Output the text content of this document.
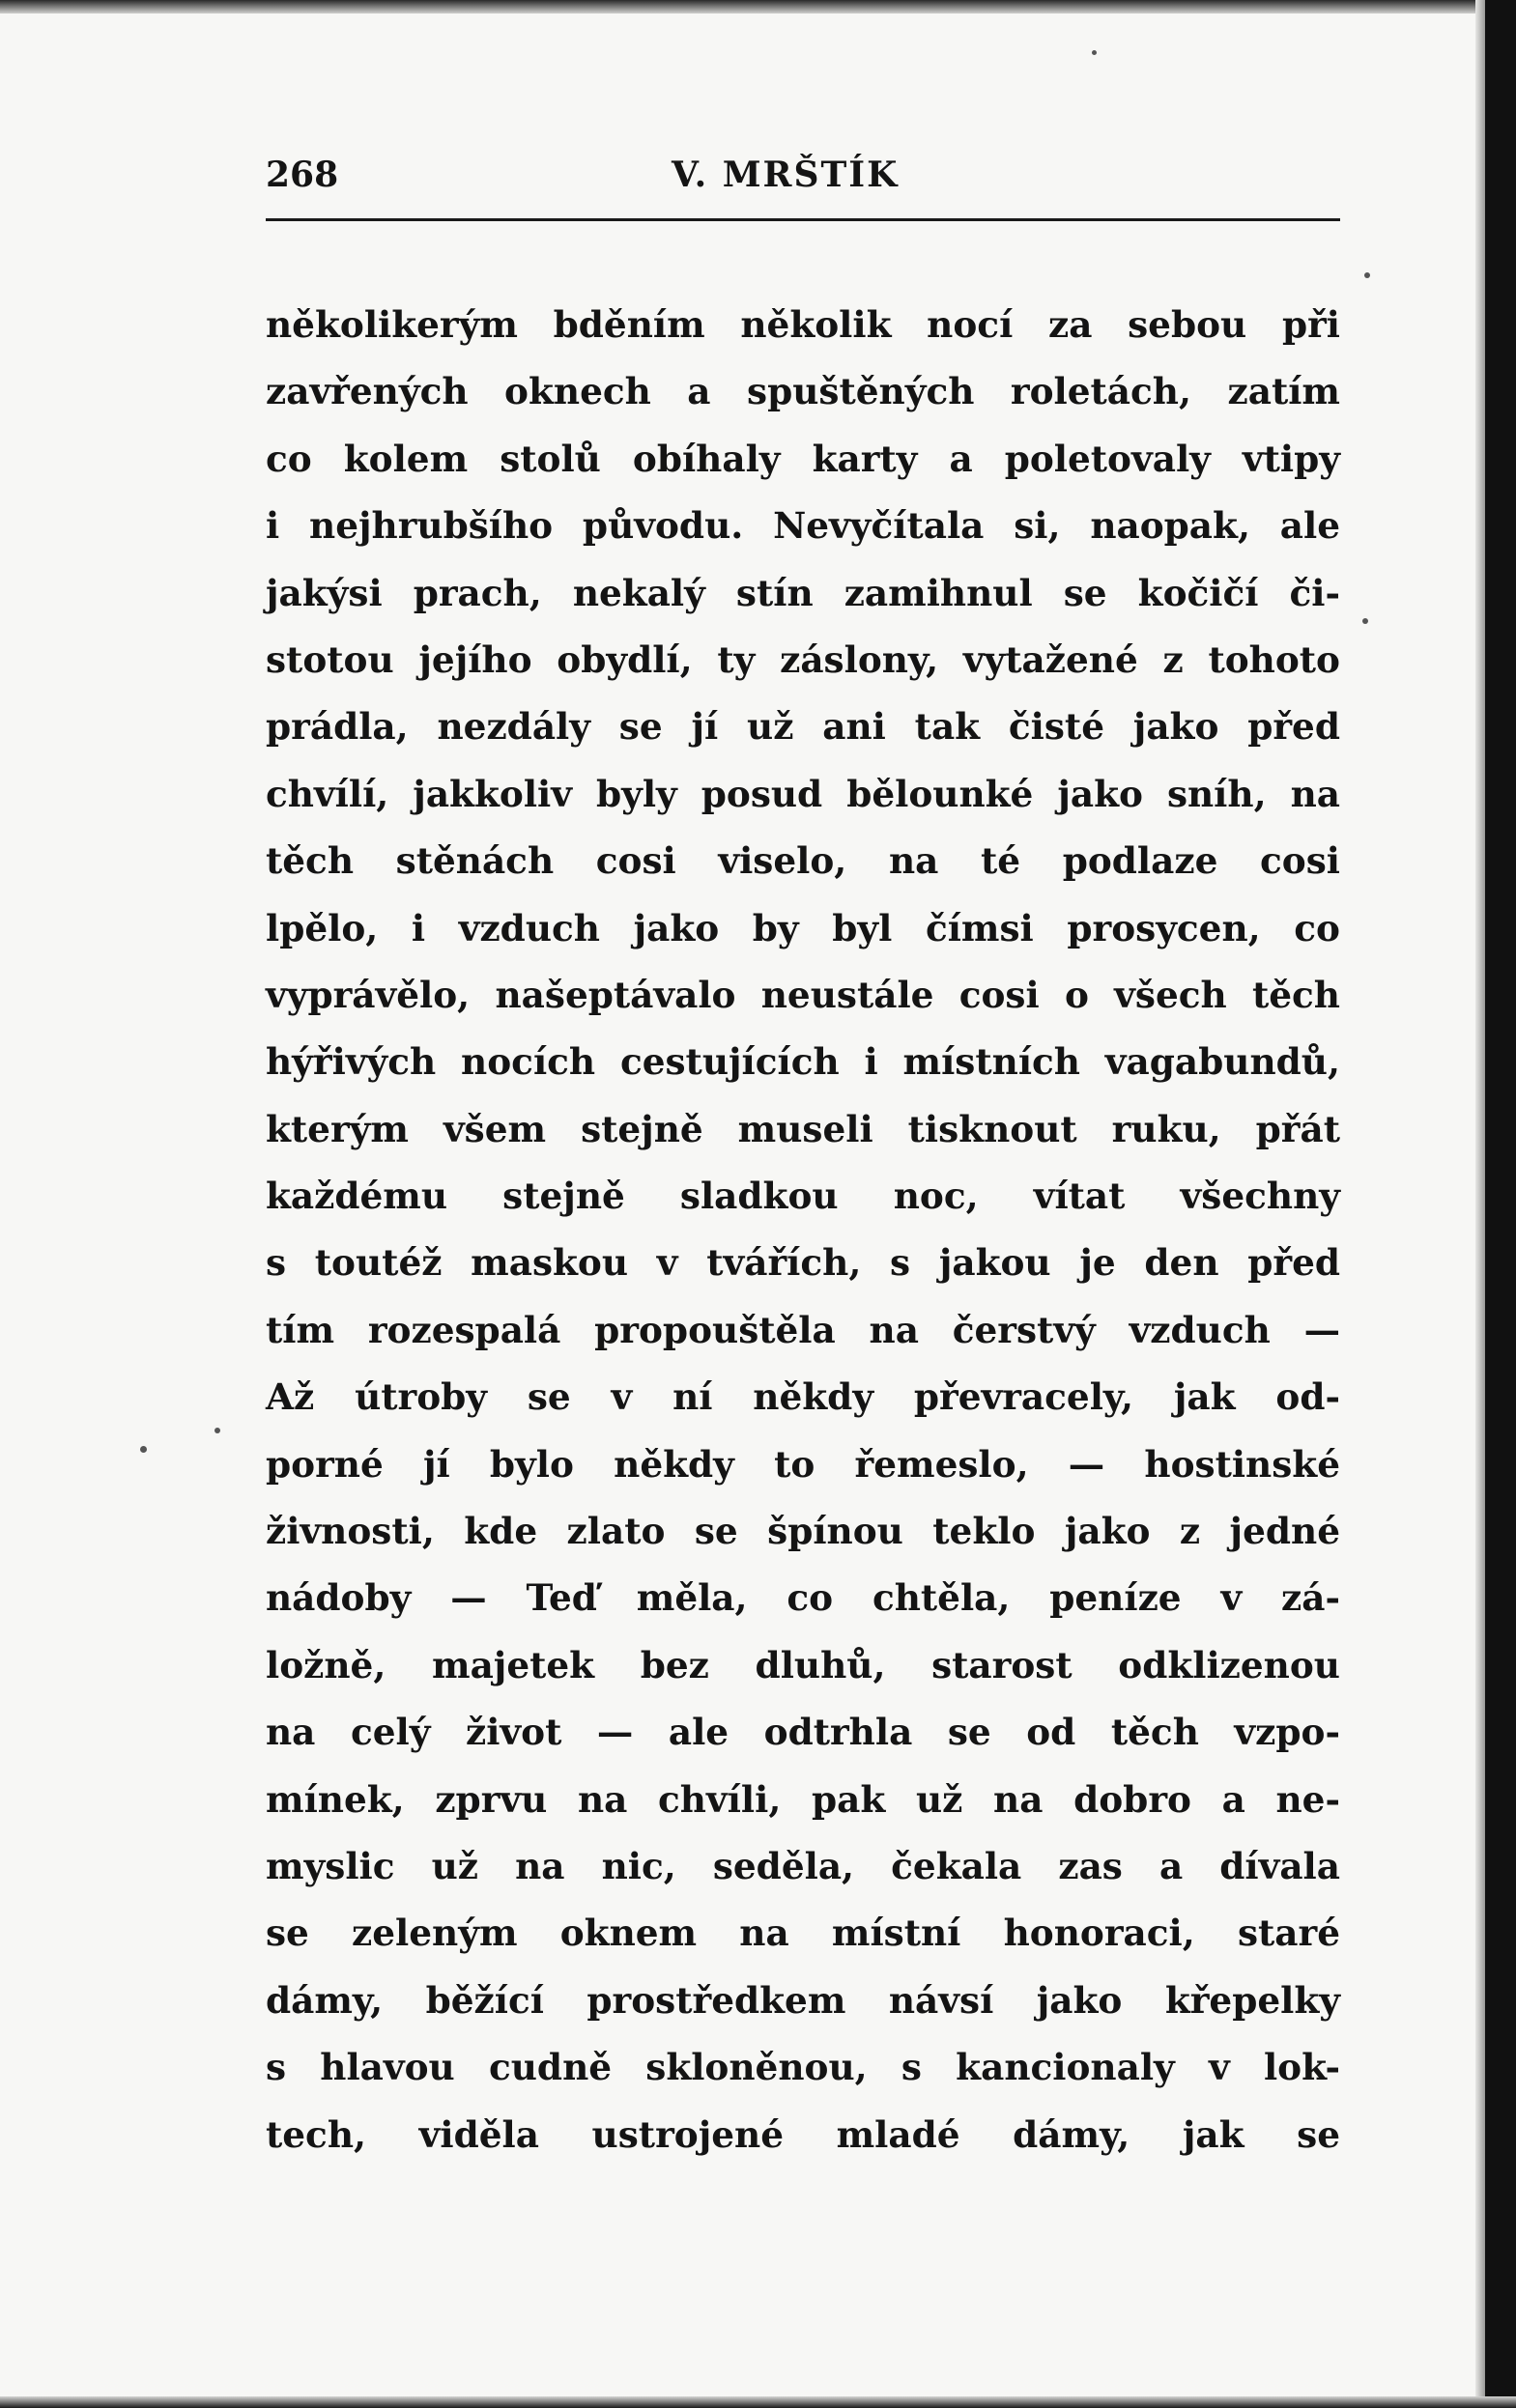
268	V. MRŠTÍK
několikerým bděním několik nocí za sebou při
zavřených oknech a spuštěných roletách, zatím
co kolem stolů obíhaly karty a poletovaly vtipy
i nejhrubšího původu. Nevyčítala si, naopak, ale
jakýsi prach, nekalý stín zamihnul se kočičí či-
stotou jejího obydlí, ty záslony, vytažené z tohoto
prádla, nezdály se jí už ani tak čisté jako před
chvílí, jakkoliv byly posud bělounké jako sníh, na
těch stěnách cosi viselo, na té podlaze cosi
lpělo, i vzduch jako by byl čímsi prosycen, co
vyprávělo, našeptávalo neustále cosi o všech těch
hýřivých nocích cestujících i místních vagabundů,
kterým všem stejně museli tisknout ruku, přát
každému stejně sladkou noc, vítat všechny
s toutéž maskou v tvářích, s jakou je den před
tím rozespalá propouštěla na čerstvý vzduch —
Až útroby se v ní někdy převracely, jak od-
porné jí bylo někdy to řemeslo, — hostinské
živnosti, kde zlato se špínou teklo jako z jedné
nádoby — Teď měla, co chtěla, peníze v zá-
ložně, majetek bez dluhů, starost odklizenou
na celý život — ale odtrhla se od těch vzpo-
mínek, zprvu na chvíli, pak už na dobro a ne-
myslic už na nic, seděla, čekala zas a dívala
se zeleným oknem na místní honoraci, staré
dámy, běžící prostředkem návsí jako křepelky
s hlavou cudně skloněnou, s kancionaly v lok-
tech, viděla ustrojené mladé dámy, jak se
